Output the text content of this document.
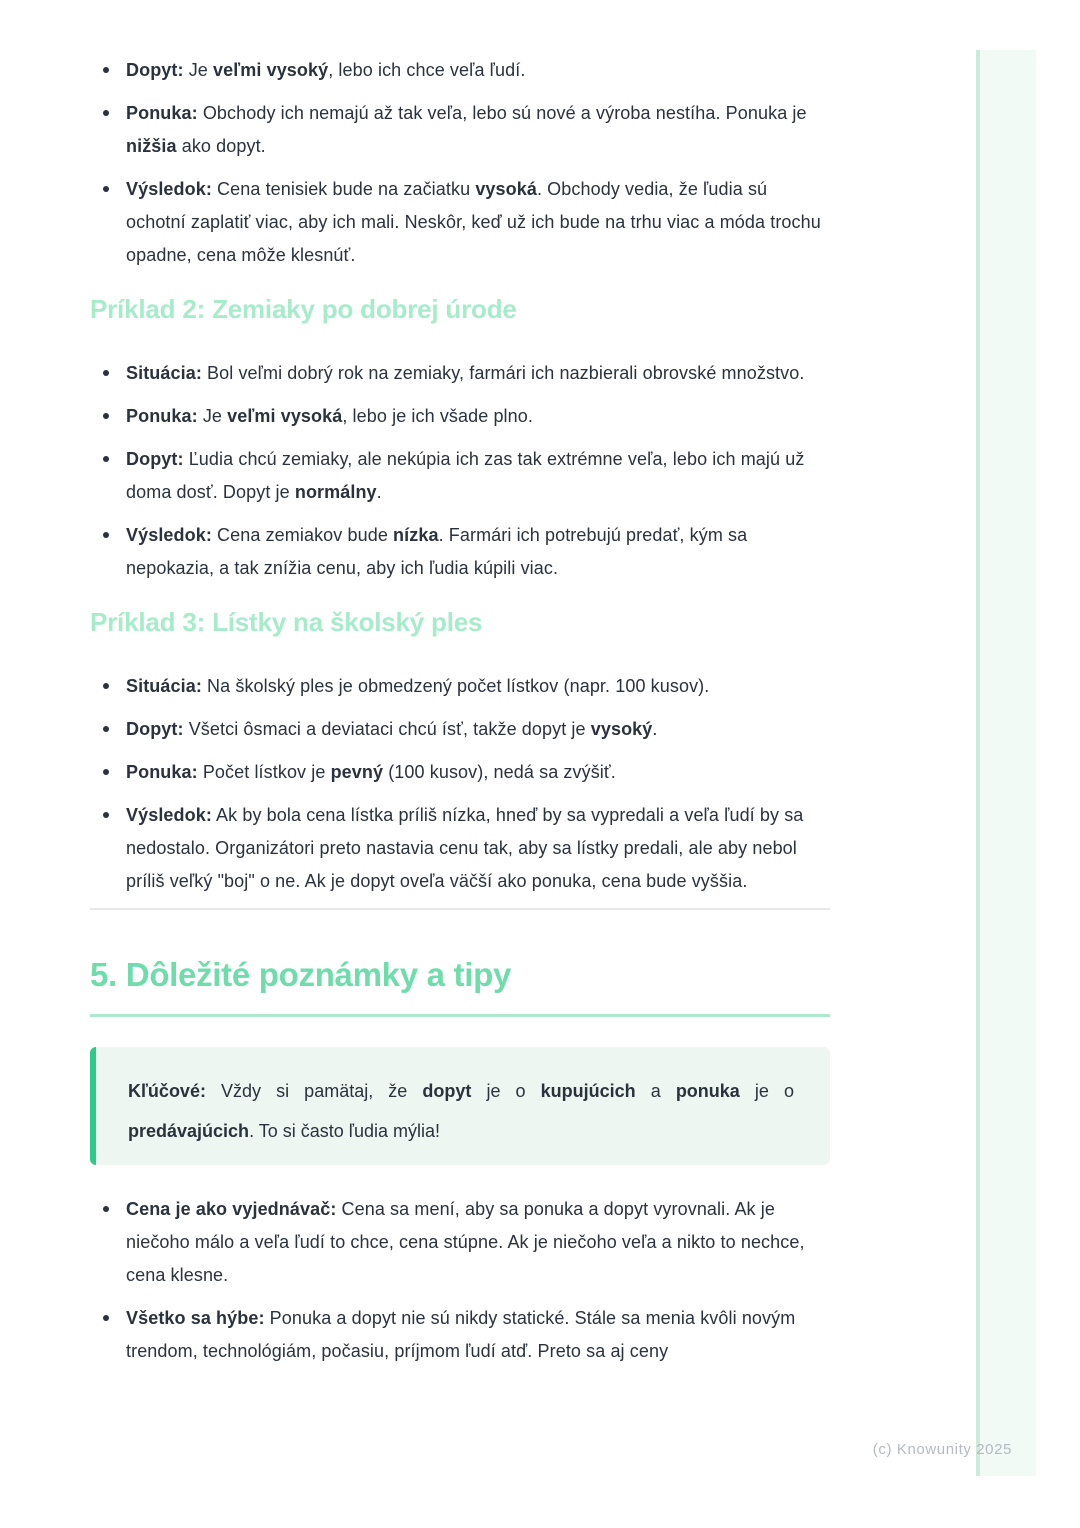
Dopyt: Je veľmi vysoký, lebo ich chce veľa ľudí.
Ponuka: Obchody ich nemajú až tak veľa, lebo sú nové a výroba nestíha. Ponuka je nižšia ako dopyt.
Výsledok: Cena tenisiek bude na začiatku vysoká. Obchody vedia, že ľudia sú ochotní zaplatiť viac, aby ich mali. Neskôr, keď už ich bude na trhu viac a móda trochu opadne, cena môže klesnúť.
Príklad 2: Zemiaky po dobrej úrode
Situácia: Bol veľmi dobrý rok na zemiaky, farmári ich nazbierali obrovské množstvo.
Ponuka: Je veľmi vysoká, lebo je ich všade plno.
Dopyt: Ľudia chcú zemiaky, ale nekúpia ich zas tak extrémne veľa, lebo ich majú už doma dosť. Dopyt je normálny.
Výsledok: Cena zemiakov bude nízka. Farmári ich potrebujú predať, kým sa nepokazia, a tak znížia cenu, aby ich ľudia kúpili viac.
Príklad 3: Lístky na školský ples
Situácia: Na školský ples je obmedzený počet lístkov (napr. 100 kusov).
Dopyt: Všetci ôsmaci a deviataci chcú ísť, takže dopyt je vysoký.
Ponuka: Počet lístkov je pevný (100 kusov), nedá sa zvýšiť.
Výsledok: Ak by bola cena lístka príliš nízka, hneď by sa vypredali a veľa ľudí by sa nedostalo. Organizátori preto nastavia cenu tak, aby sa lístky predali, ale aby nebol príliš veľký "boj" o ne. Ak je dopyt oveľa väčší ako ponuka, cena bude vyššia.
5. Dôležité poznámky a tipy

Kľúčové: Vždy si pamätaj, že dopyt je o kupujúcich a ponuka je o predávajúcich. To si často ľudia mýlia!

Cena je ako vyjednávač: Cena sa mení, aby sa ponuka a dopyt vyrovnali. Ak je niečoho málo a veľa ľudí to chce, cena stúpne. Ak je niečoho veľa a nikto to nechce, cena klesne.
Všetko sa hýbe: Ponuka a dopyt nie sú nikdy statické. Stále sa menia kvôli novým trendom, technológiám, počasiu, príjmom ľudí atď. Preto sa aj ceny
(c) Knowunity 2025
